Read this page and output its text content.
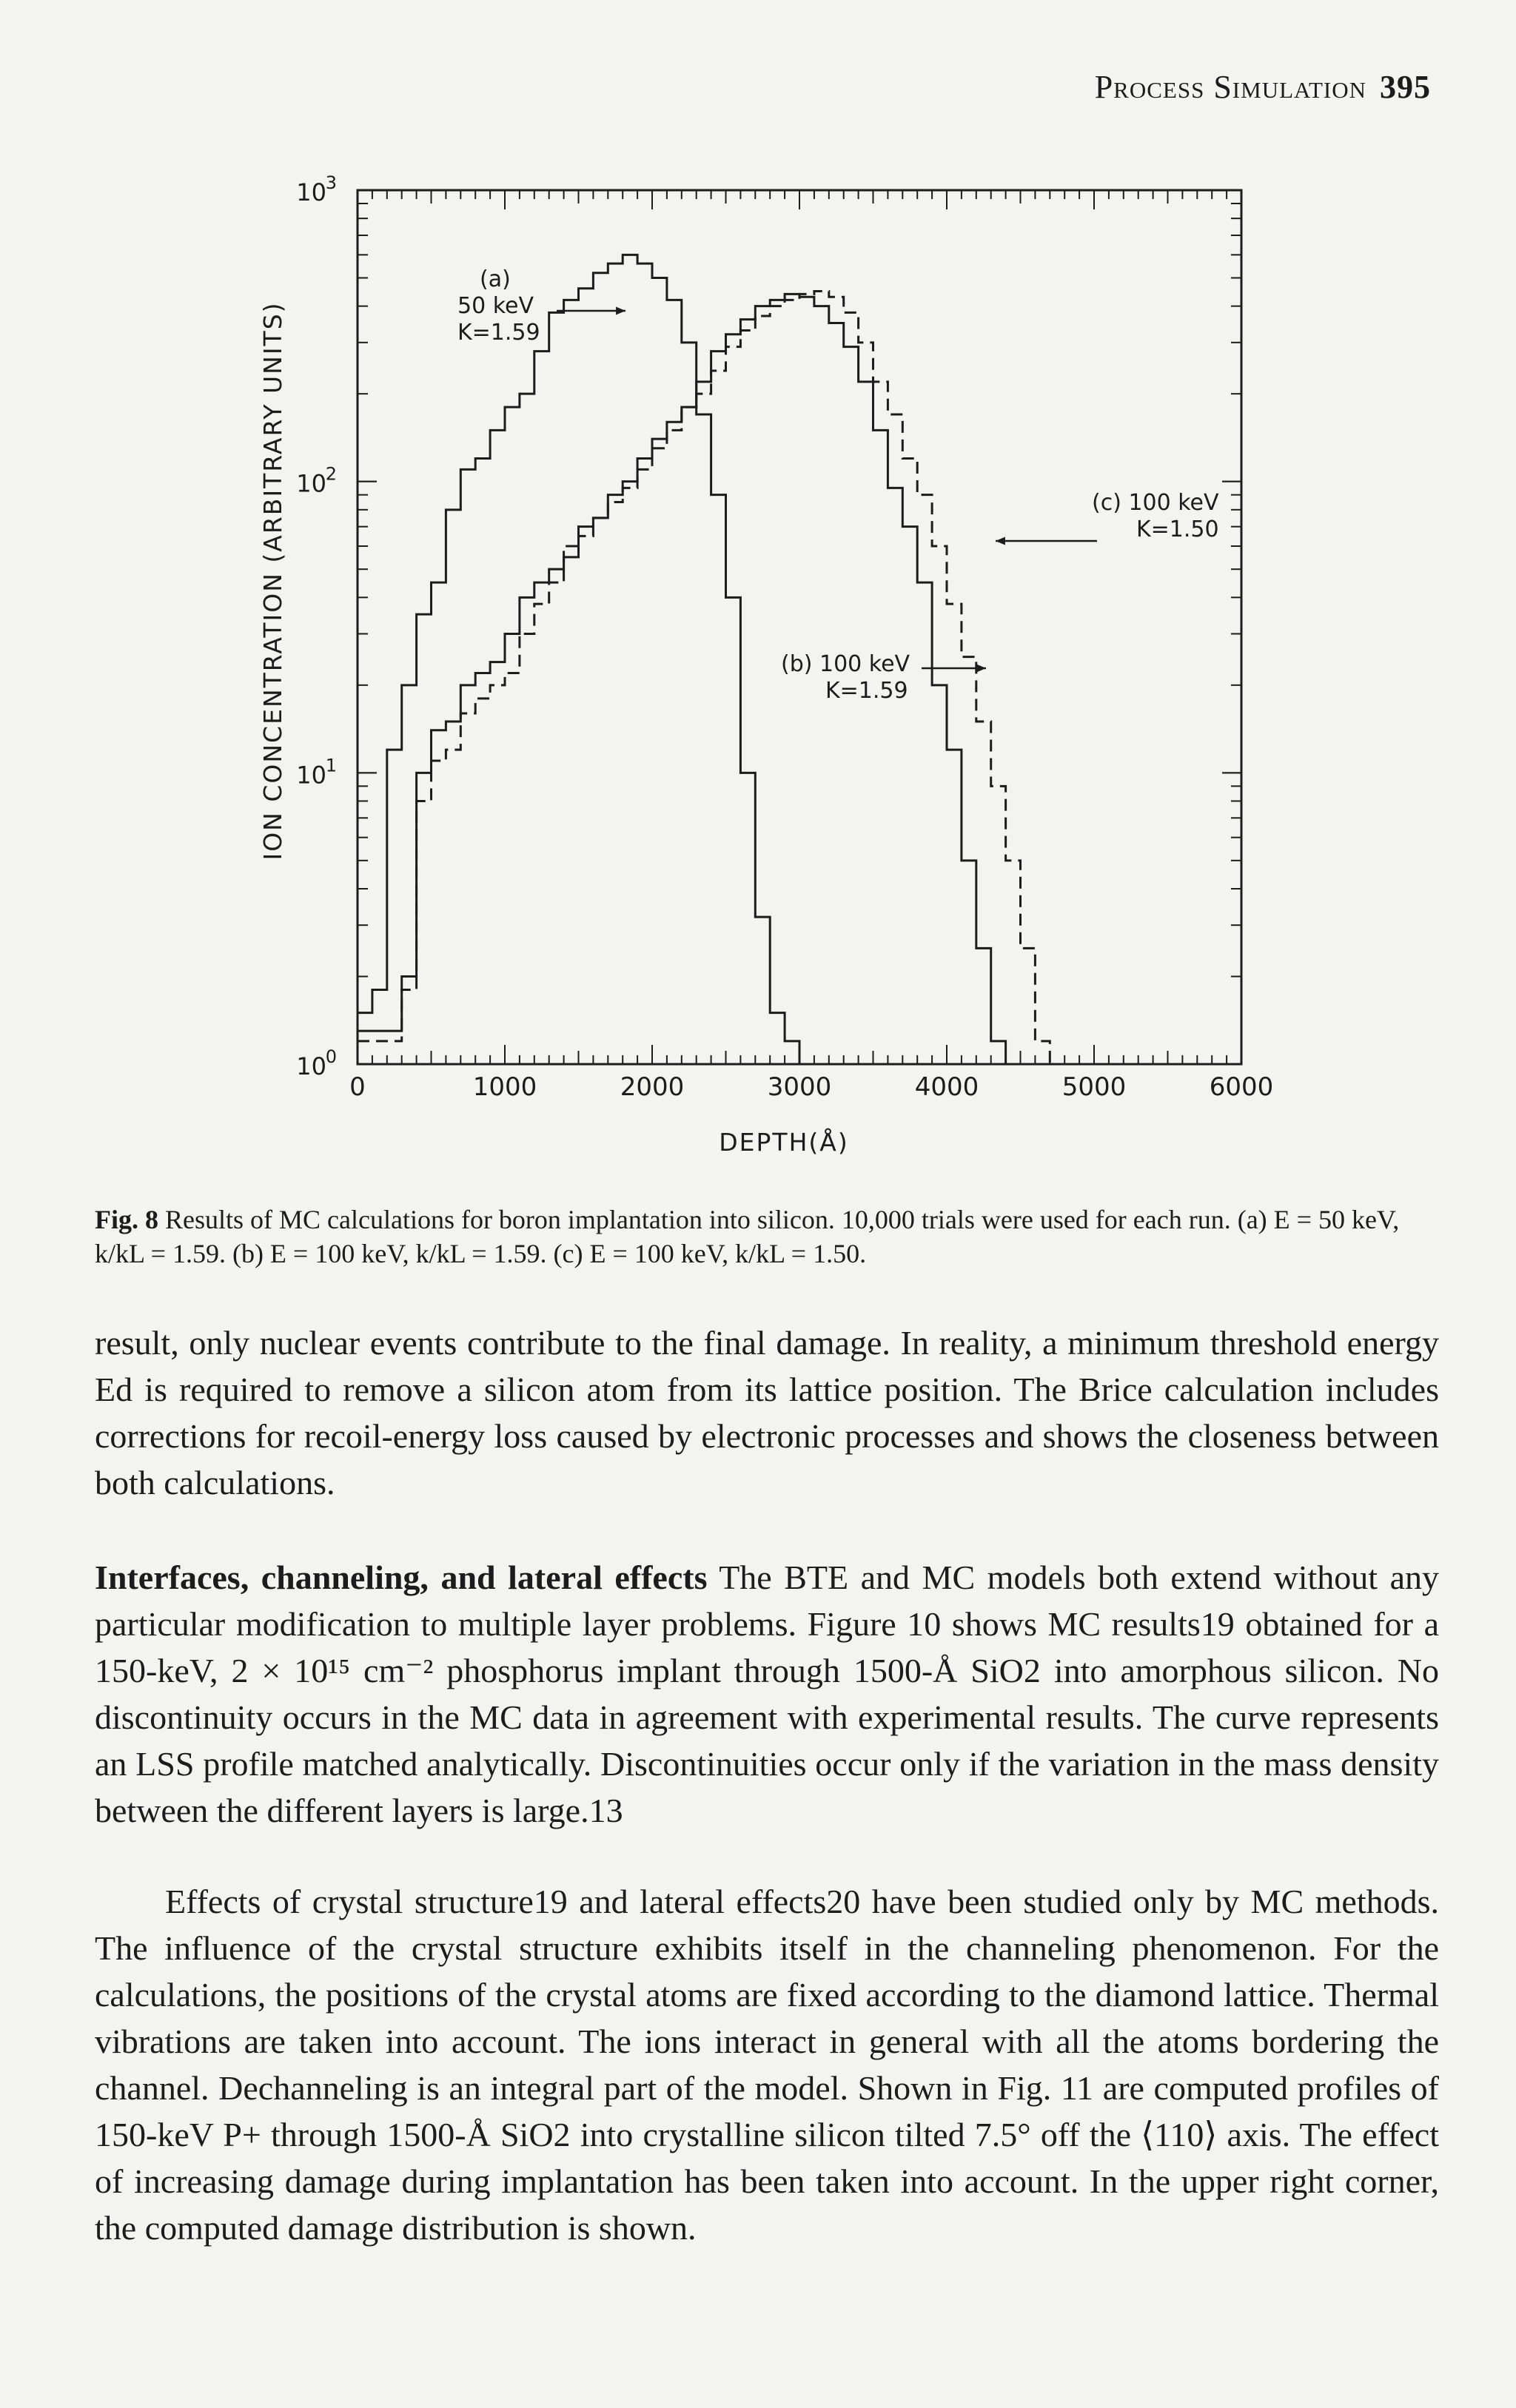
Process Simulation 395
0	1000	2000	3000	4000	5000	6000
10
0
10
1
10
2
10
3
(a)
50 keV
K=1.59
(b) 100 keV
K=1.59
(c) 100 keV
K=1.50
ION CONCENTRATION (ARBITRARY UNITS)
DEPTH(Å)
Fig. 8 Results of MC calculations for boron implantation into silicon. 10,000 trials were used for each run. (a) E = 50 keV, k/kL = 1.59. (b) E = 100 keV, k/kL = 1.59. (c) E = 100 keV, k/kL = 1.50.

result, only nuclear events contribute to the final damage. In reality, a minimum threshold energy Ed is required to remove a silicon atom from its lattice position. The Brice calculation includes corrections for recoil-energy loss caused by electronic processes and shows the closeness between both calculations.

Interfaces, channeling, and lateral effects The BTE and MC models both extend without any particular modification to multiple layer problems. Figure 10 shows MC results19 obtained for a 150-keV, 2 × 10¹⁵ cm⁻² phosphorus implant through 1500-Å SiO2 into amorphous silicon. No discontinuity occurs in the MC data in agreement with experimental results. The curve represents an LSS profile matched analytically. Discontinuities occur only if the variation in the mass density between the different layers is large.13

Effects of crystal structure19 and lateral effects20 have been studied only by MC methods. The influence of the crystal structure exhibits itself in the channeling phenomenon. For the calculations, the positions of the crystal atoms are fixed according to the diamond lattice. Thermal vibrations are taken into account. The ions interact in general with all the atoms bordering the channel. Dechanneling is an integral part of the model. Shown in Fig. 11 are computed profiles of 150-keV P+ through 1500-Å SiO2 into crystalline silicon tilted 7.5° off the ⟨110⟩ axis. The effect of increasing damage during implantation has been taken into account. In the upper right corner, the computed damage distribution is shown.
